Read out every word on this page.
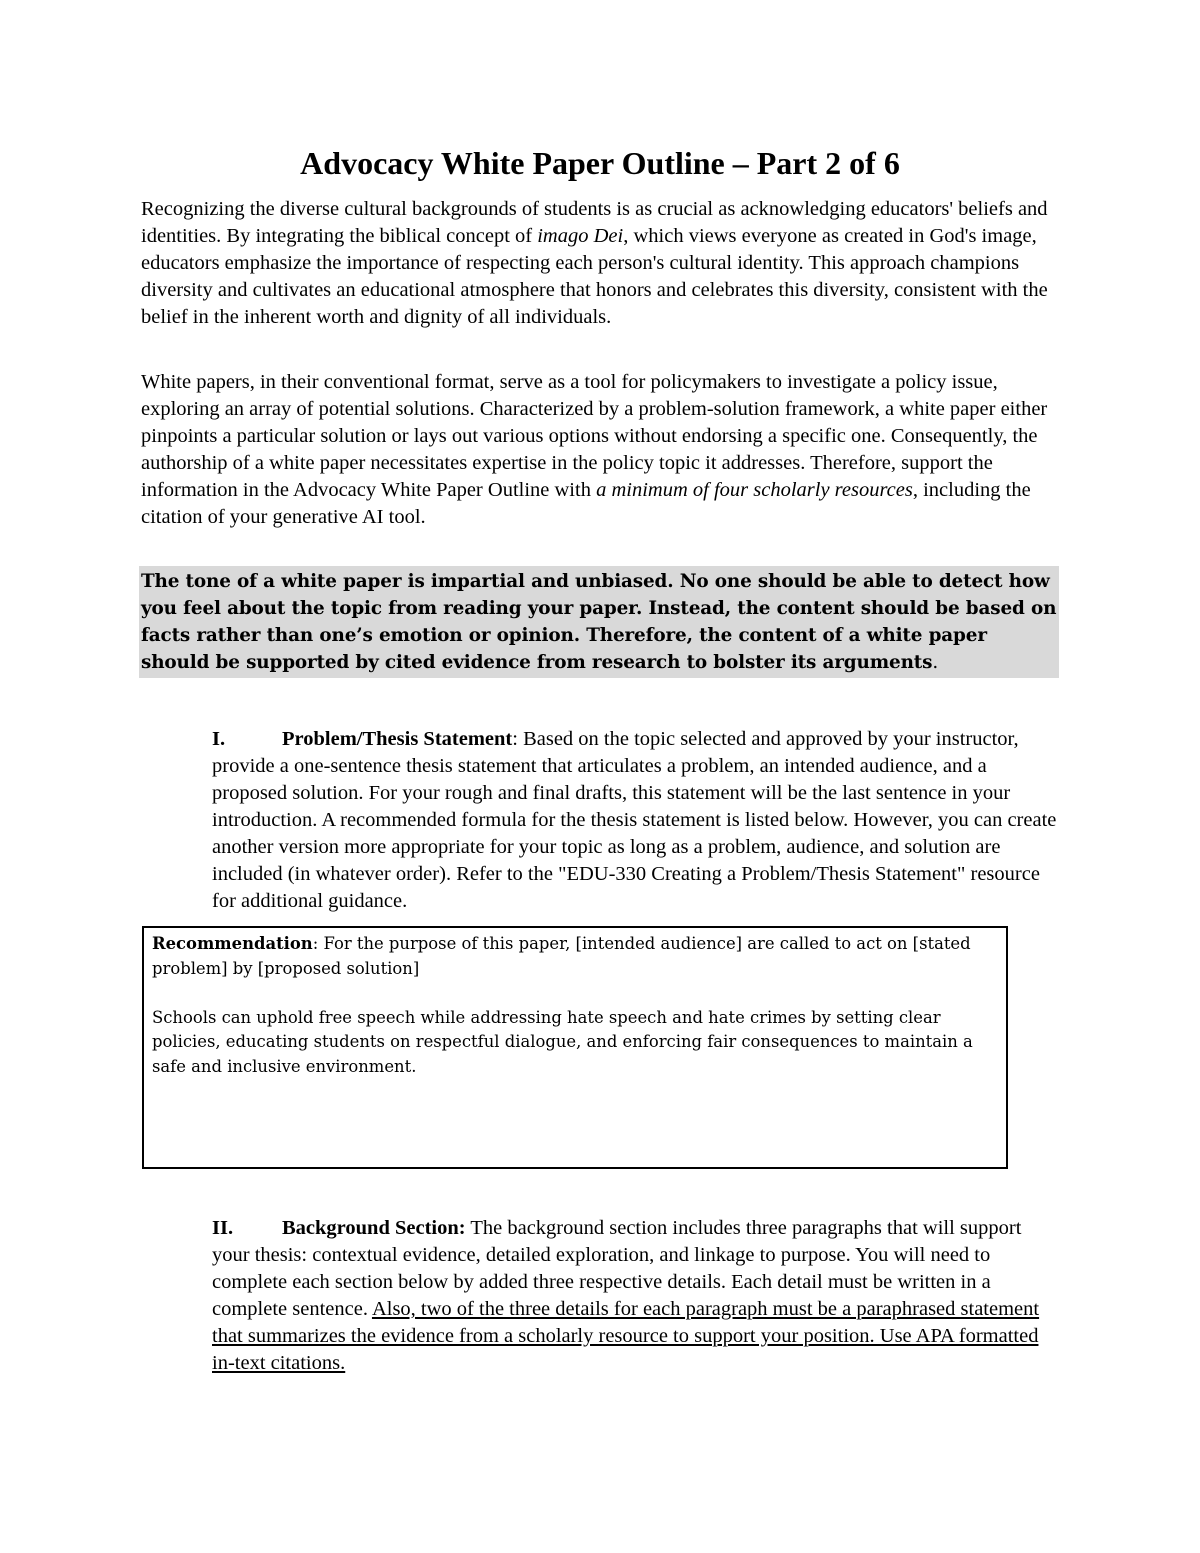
Advocacy White Paper Outline – Part 2 of 6

Recognizing the diverse cultural backgrounds of students is as crucial as acknowledging educators' beliefs and identities. By integrating the biblical concept of imago Dei, which views everyone as created in God's image, educators emphasize the importance of respecting each person's cultural identity. This approach champions diversity and cultivates an educational atmosphere that honors and celebrates this diversity, consistent with the belief in the inherent worth and dignity of all individuals.

White papers, in their conventional format, serve as a tool for policymakers to investigate a policy issue, exploring an array of potential solutions. Characterized by a problem-solution framework, a white paper either pinpoints a particular solution or lays out various options without endorsing a specific one. Consequently, the authorship of a white paper necessitates expertise in the policy topic it addresses. Therefore, support the information in the Advocacy White Paper Outline with a minimum of four scholarly resources, including the citation of your generative AI tool.

The tone of a white paper is impartial and unbiased. No one should be able to detect how you feel about the topic from reading your paper. Instead, the content should be based on facts rather than one’s emotion or opinion. Therefore, the content of a white paper should be supported by cited evidence from research to bolster its arguments.

I.	Problem/Thesis Statement: Based on the topic selected and approved by your instructor, provide a one-sentence thesis statement that articulates a problem, an intended audience, and a proposed solution. For your rough and final drafts, this statement will be the last sentence in your introduction. A recommended formula for the thesis statement is listed below. However, you can create another version more appropriate for your topic as long as a problem, audience, and solution are included (in whatever order). Refer to the "EDU-330 Creating a Problem/Thesis Statement" resource for additional guidance.

Recommendation: For the purpose of this paper, [intended audience] are called to act on [stated problem] by [proposed solution]

Schools can uphold free speech while addressing hate speech and hate crimes by setting clear policies, educating students on respectful dialogue, and enforcing fair consequences to maintain a safe and inclusive environment.

II.	Background Section: The background section includes three paragraphs that will support your thesis: contextual evidence, detailed exploration, and linkage to purpose. You will need to complete each section below by added three respective details. Each detail must be written in a complete sentence. Also, two of the three details for each paragraph must be a paraphrased statement that summarizes the evidence from a scholarly resource to support your position. Use APA formatted in-text citations.
